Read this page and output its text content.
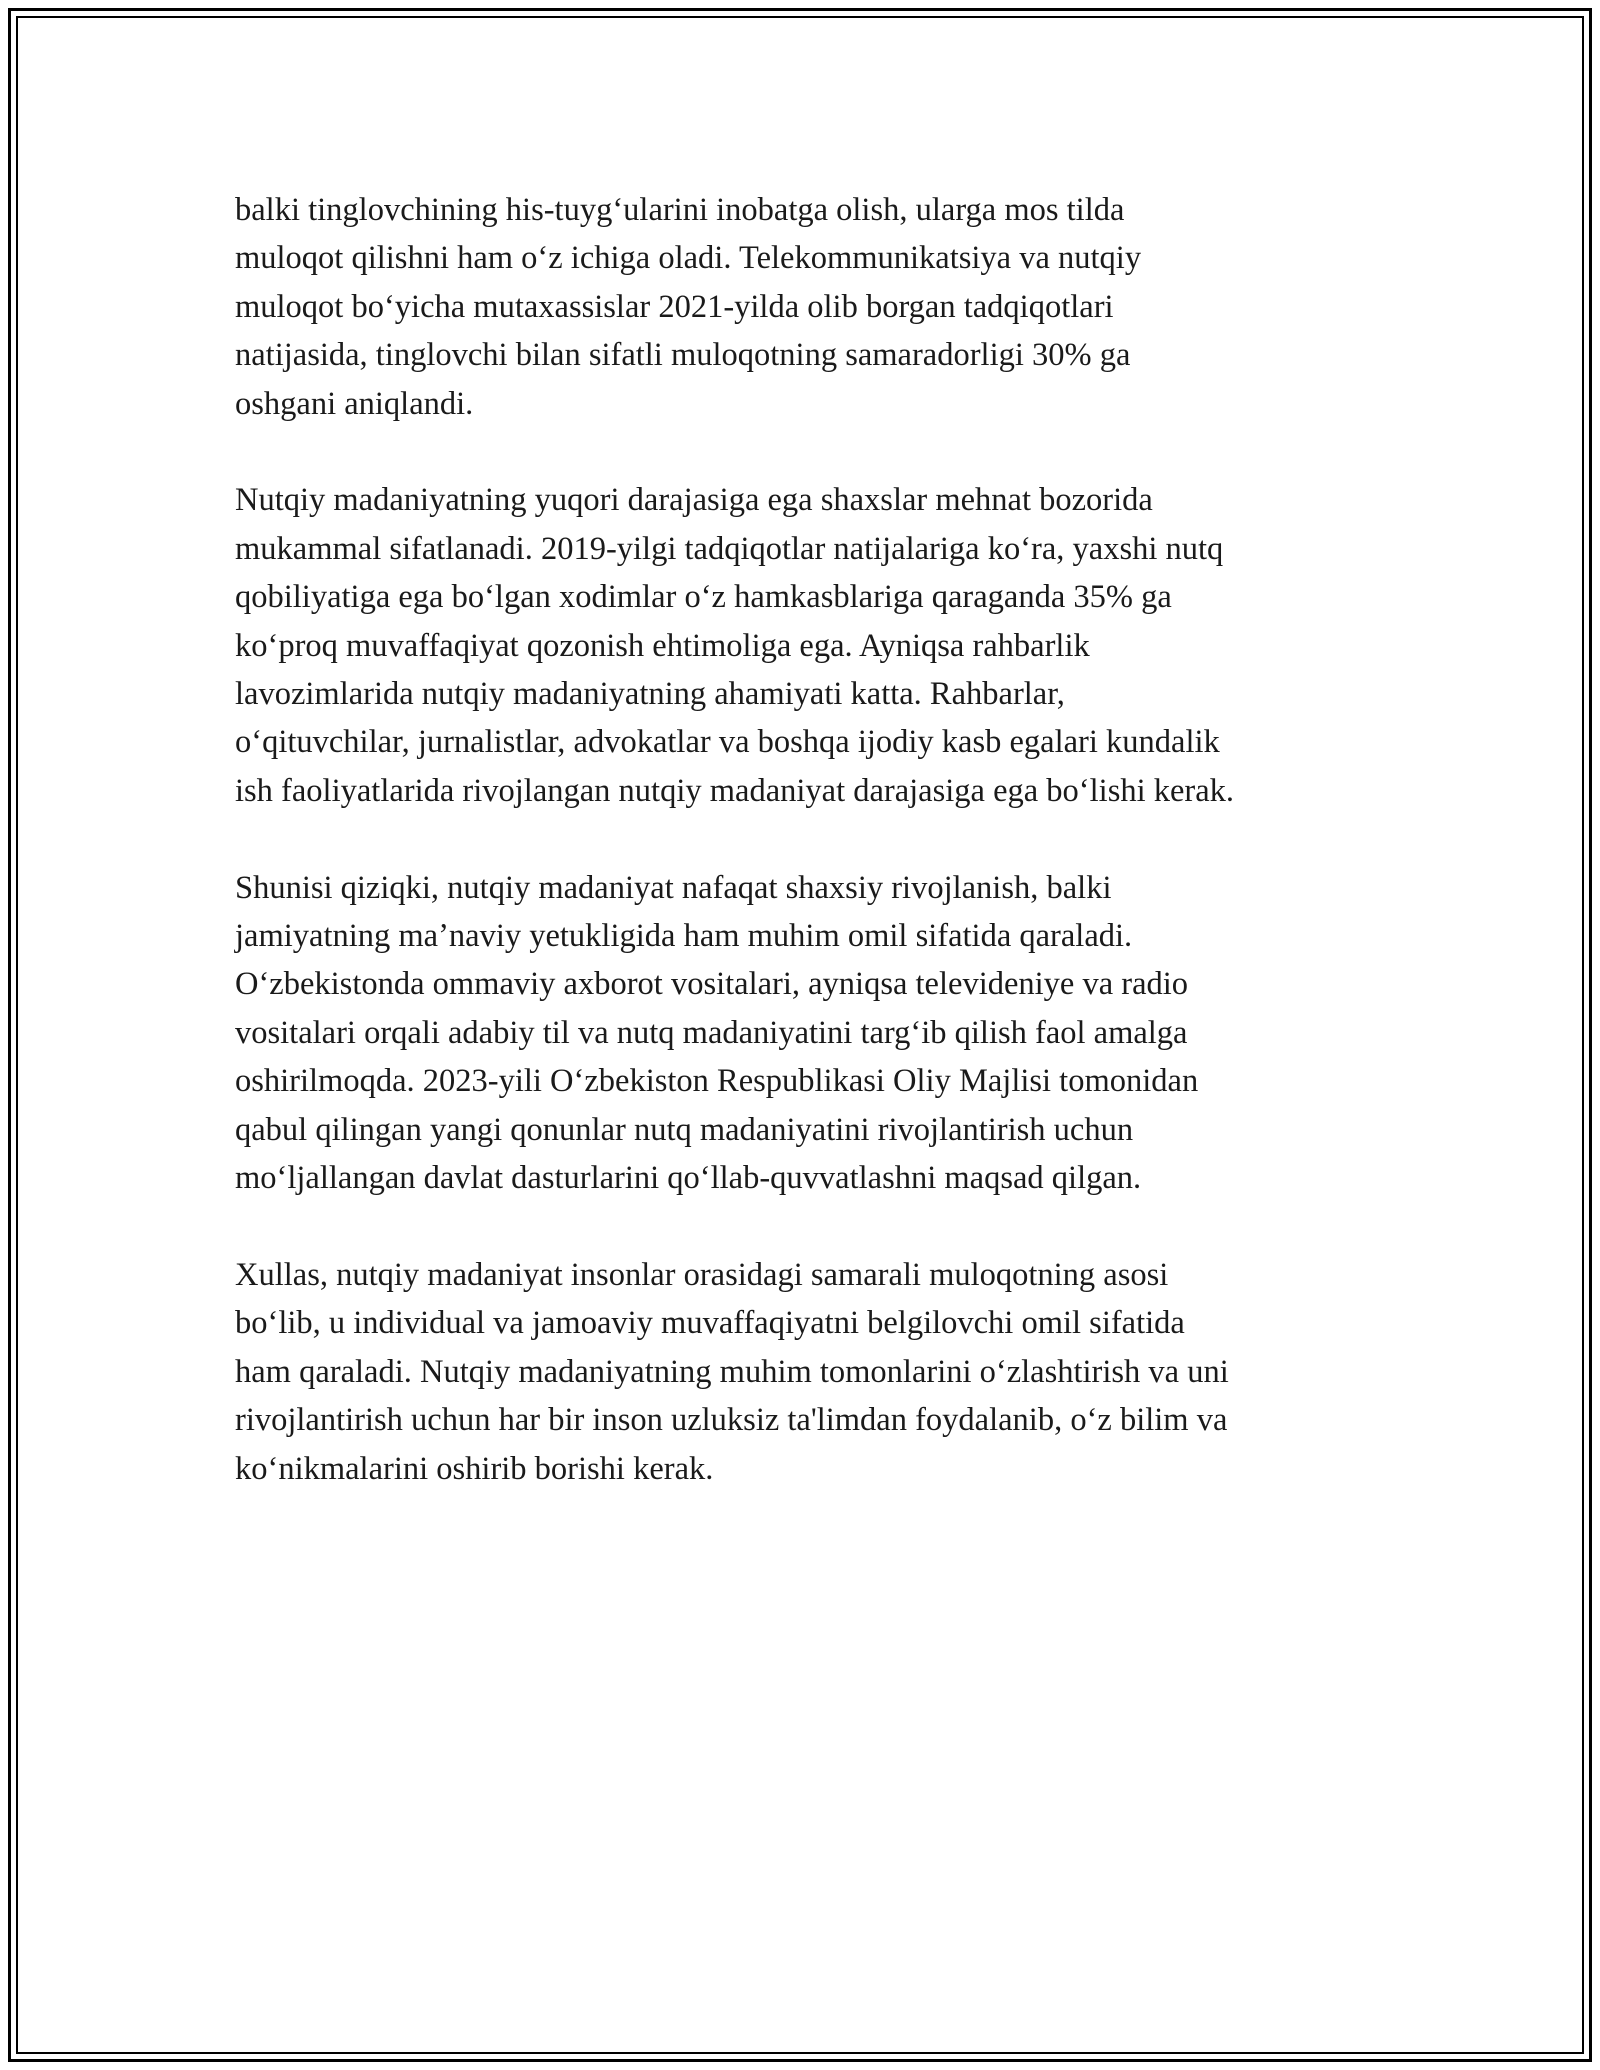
balki tinglovchining his-tuygʻularini inobatga olish, ularga mos tilda
muloqot qilishni ham oʻz ichiga oladi. Telekommunikatsiya va nutqiy
muloqot boʻyicha mutaxassislar 2021-yilda olib borgan tadqiqotlari
natijasida, tinglovchi bilan sifatli muloqotning samaradorligi 30% ga
oshgani aniqlandi.

Nutqiy madaniyatning yuqori darajasiga ega shaxslar mehnat bozorida
mukammal sifatlanadi. 2019-yilgi tadqiqotlar natijalariga koʻra, yaxshi nutq
qobiliyatiga ega boʻlgan xodimlar oʻz hamkasblariga qaraganda 35% ga
koʻproq muvaffaqiyat qozonish ehtimoliga ega. Ayniqsa rahbarlik
lavozimlarida nutqiy madaniyatning ahamiyati katta. Rahbarlar,
oʻqituvchilar, jurnalistlar, advokatlar va boshqa ijodiy kasb egalari kundalik
ish faoliyatlarida rivojlangan nutqiy madaniyat darajasiga ega boʻlishi kerak.

Shunisi qiziqki, nutqiy madaniyat nafaqat shaxsiy rivojlanish, balki
jamiyatning maʼnaviy yetukligida ham muhim omil sifatida qaraladi.
Oʻzbekistonda ommaviy axborot vositalari, ayniqsa televideniye va radio
vositalari orqali adabiy til va nutq madaniyatini targʻib qilish faol amalga
oshirilmoqda. 2023-yili Oʻzbekiston Respublikasi Oliy Majlisi tomonidan
qabul qilingan yangi qonunlar nutq madaniyatini rivojlantirish uchun
moʻljallangan davlat dasturlarini qoʻllab-quvvatlashni maqsad qilgan.

Xullas, nutqiy madaniyat insonlar orasidagi samarali muloqotning asosi
boʻlib, u individual va jamoaviy muvaffaqiyatni belgilovchi omil sifatida
ham qaraladi. Nutqiy madaniyatning muhim tomonlarini oʻzlashtirish va uni
rivojlantirish uchun har bir inson uzluksiz ta'limdan foydalanib, oʻz bilim va
koʻnikmalarini oshirib borishi kerak.
